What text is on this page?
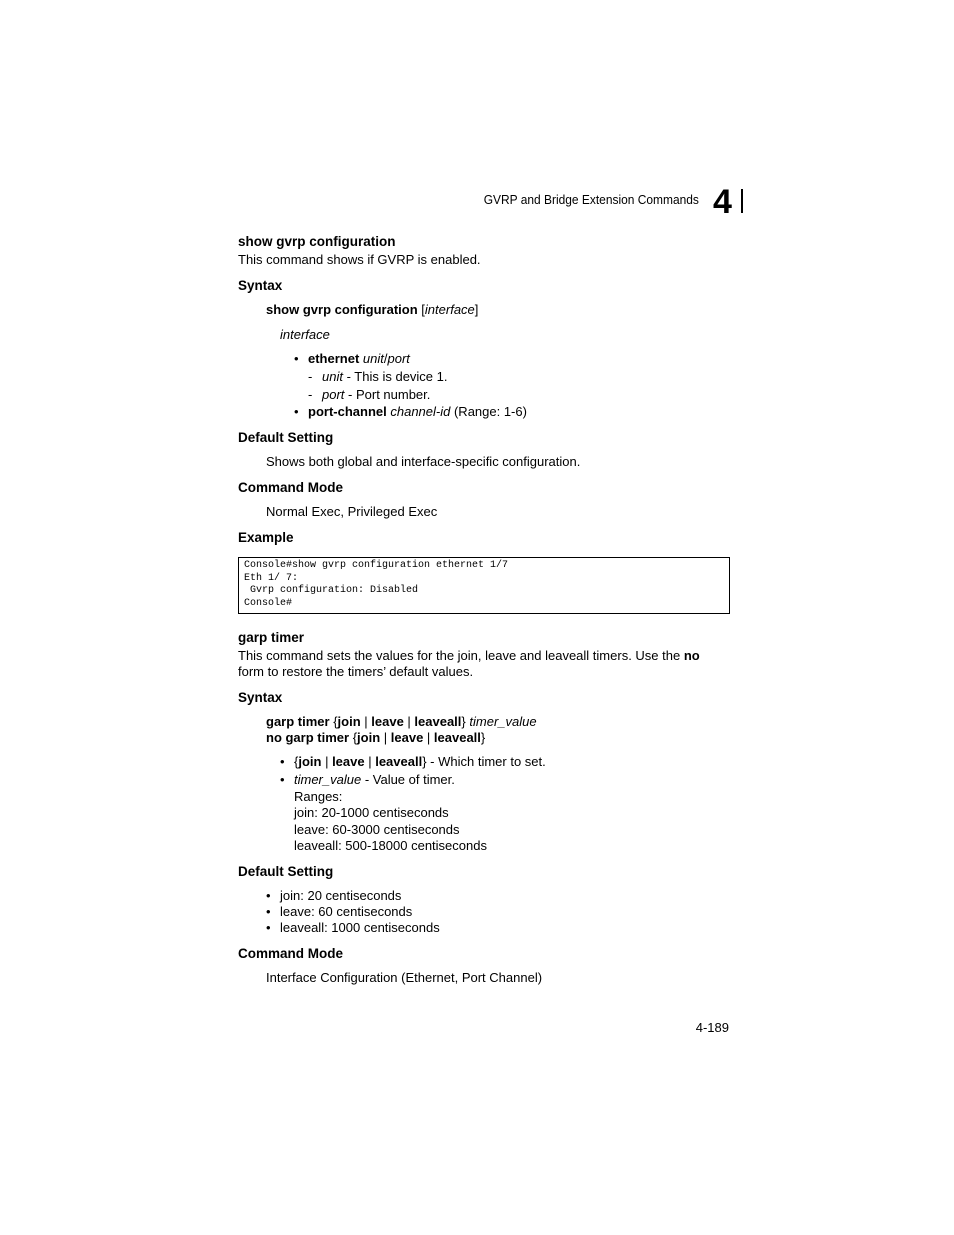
GVRP and Bridge Extension Commands 4
show gvrp configuration
This command shows if GVRP is enabled.
Syntax
show gvrp configuration [interface]
interface
• ethernet unit/port
- unit - This is device 1.
- port - Port number.
• port-channel channel-id (Range: 1-6)
Default Setting
Shows both global and interface-specific configuration.
Command Mode
Normal Exec, Privileged Exec
Example
Console#show gvrp configuration ethernet 1/7
Eth 1/ 7:
Gvrp configuration: Disabled
Console#
garp timer
This command sets the values for the join, leave and leaveall timers. Use the no
form to restore the timers’ default values.
Syntax
garp timer {join | leave | leaveall} timer_value
no garp timer {join | leave | leaveall}
• {join | leave | leaveall} - Which timer to set.
• timer_value - Value of timer.
Ranges:
join: 20-1000 centiseconds
leave: 60-3000 centiseconds
leaveall: 500-18000 centiseconds
Default Setting
• join: 20 centiseconds
• leave: 60 centiseconds
• leaveall: 1000 centiseconds
Command Mode
Interface Configuration (Ethernet, Port Channel)
4-189
